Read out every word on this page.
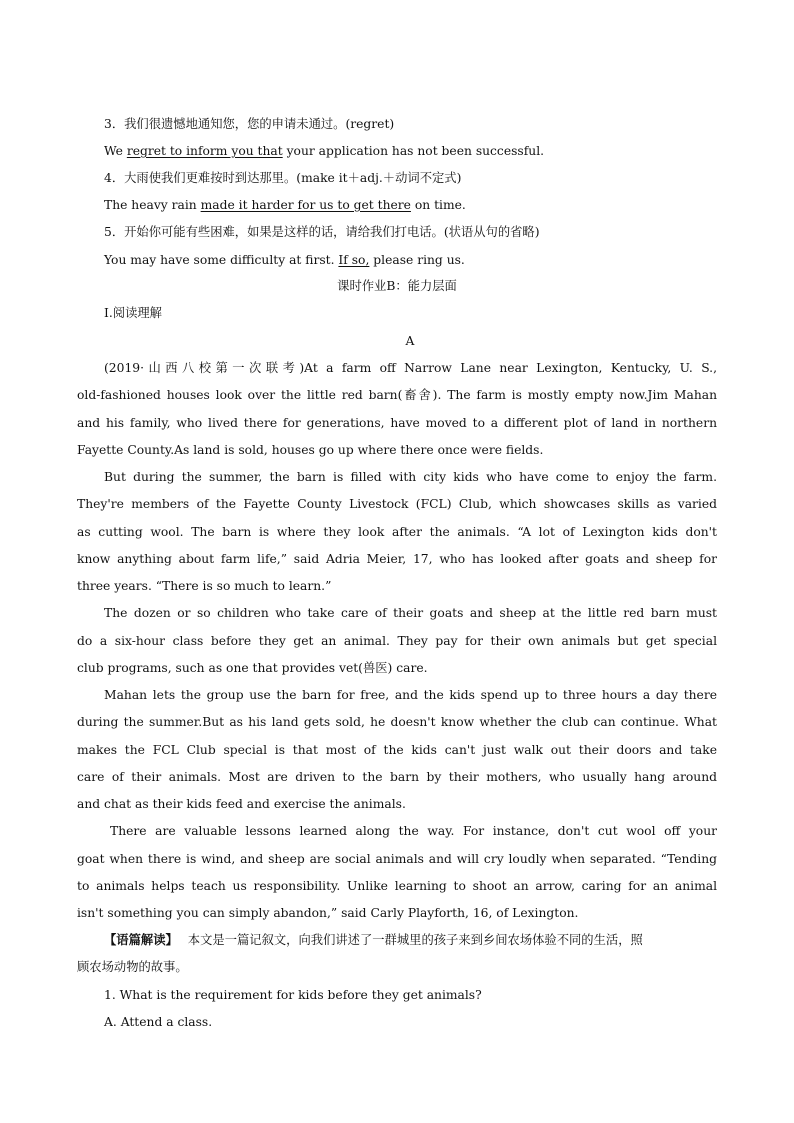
3．我们很遗憾地通知您，您的申请未通过。(regret)
We regret to inform you that your application has not been successful.
4．大雨使我们更难按时到达那里。(make it＋adj.＋动词不定式)
The heavy rain made it harder for us to get there on time.
5．开始你可能有些困难，如果是这样的话，请给我们打电话。(状语从句的省略)
You may have some difficulty at first. If so, please ring us.
课时作业B：能力层面
Ⅰ.阅读理解
A
(2019·山西八校第一次联考)At a farm off Narrow Lane near Lexington, Kentucky, U. S.,
old-fashioned houses look over the little red barn(畜舍). The farm is mostly empty now.Jim Mahan
and his family, who lived there for generations, have moved to a different plot of land in northern
Fayette County.As land is sold, houses go up where there once were fields.
But during the summer, the barn is filled with city kids who have come to enjoy the farm.
They're members of the Fayette County Livestock (FCL) Club, which showcases skills as varied
as cutting wool. The barn is where they look after the animals. “A lot of Lexington kids don't
know anything about farm life,” said Adria Meier, 17, who has looked after goats and sheep for
three years. “There is so much to learn.”
The dozen or so children who take care of their goats and sheep at the little red barn must
do a six-hour class before they get an animal. They pay for their own animals but get special
club programs, such as one that provides vet(兽医) care.
Mahan lets the group use the barn for free, and the kids spend up to three hours a day there
during the summer.But as his land gets sold, he doesn't know whether the club can continue. What
makes the FCL Club special is that most of the kids can't just walk out their doors and take
care of their animals. Most are driven to the barn by their mothers, who usually hang around
and chat as their kids feed and exercise the animals.
There are valuable lessons learned along the way. For instance, don't cut wool off your
goat when there is wind, and sheep are social animals and will cry loudly when separated. “Tending
to animals helps teach us responsibility. Unlike learning to shoot an arrow, caring for an animal
isn't something you can simply abandon,” said Carly Playforth, 16, of Lexington.
【语篇解读】 本文是一篇记叙文，向我们讲述了一群城里的孩子来到乡间农场体验不同的生活，照
顾农场动物的故事。
1. What is the requirement for kids before they get animals?
A. Attend a class.
